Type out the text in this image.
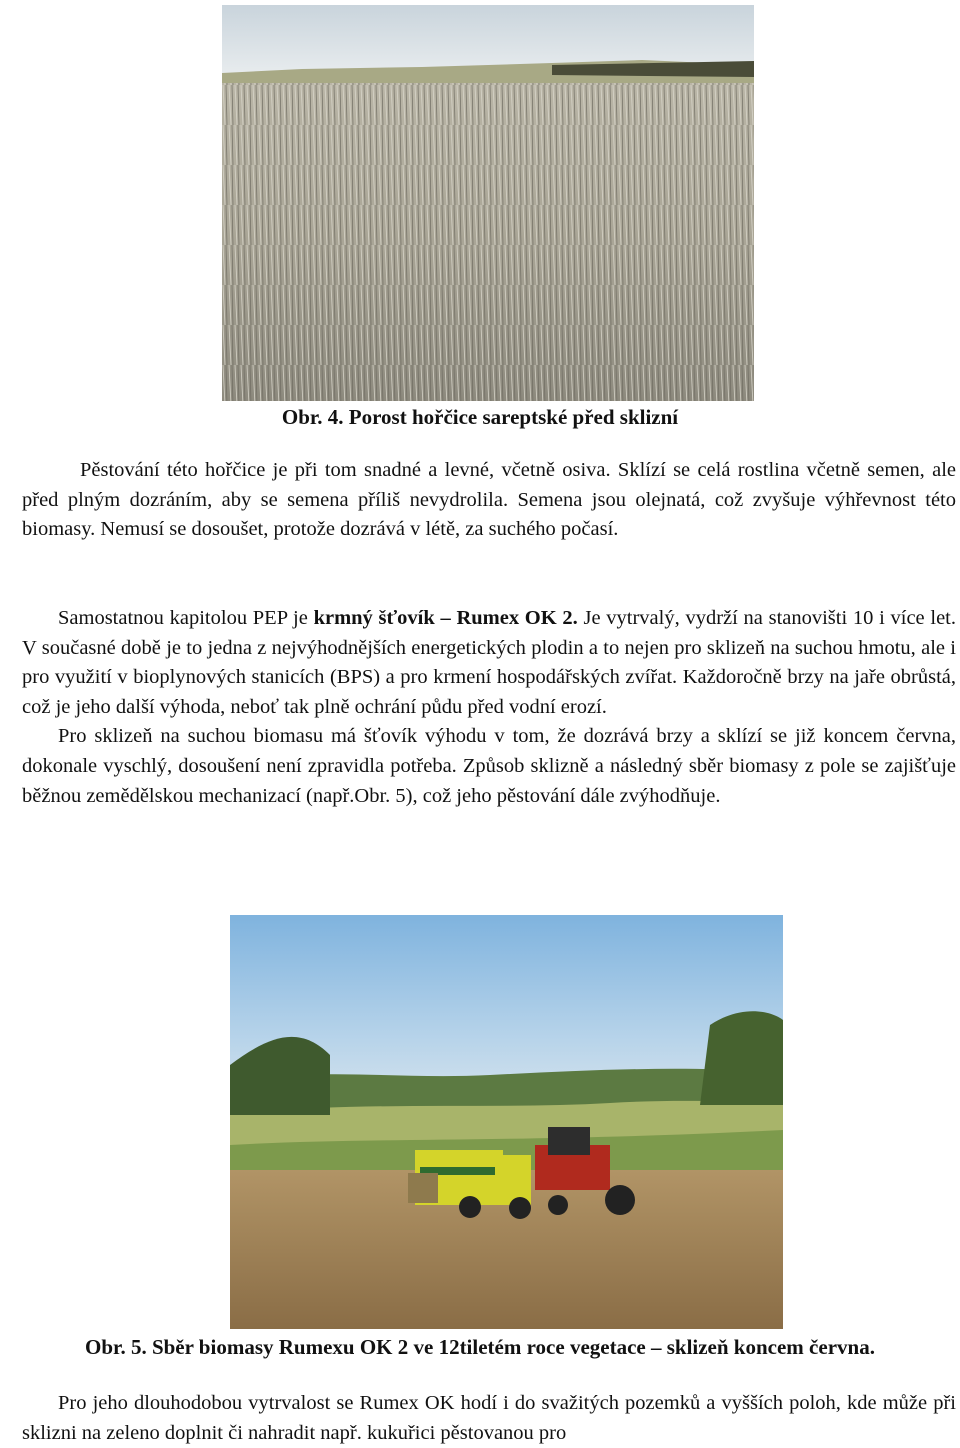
Obr. 4. Porost hořčice sareptské před sklizní

Pěstování této hořčice je při tom snadné a levné, včetně osiva. Sklízí se celá rostlina včetně semen, ale před plným dozráním, aby se semena příliš nevydrolila. Semena jsou olejnatá, což zvyšuje výhřevnost této biomasy. Nemusí se dosoušet, protože dozrává v létě, za suchého počasí.

Samostatnou kapitolou PEP je krmný šťovík – Rumex OK 2. Je vytrvalý, vydrží na stanovišti 10 i více let. V současné době je to jedna z nejvýhodnějších energetických plodin a to nejen pro sklizeň na suchou hmotu, ale i pro využití v bioplynových stanicích (BPS) a pro krmení hospodářských zvířat. Každoročně brzy na jaře obrůstá, což je jeho další výhoda, neboť tak plně ochrání půdu před vodní erozí.

Pro sklizeň na suchou biomasu má šťovík výhodu v tom, že dozrává brzy a sklízí se již koncem června, dokonale vyschlý, dosoušení není zpravidla potřeba. Způsob sklizně a následný sběr biomasy z pole se zajišťuje běžnou zemědělskou mechanizací (např.Obr. 5), což jeho pěstování dále zvýhodňuje.

Obr. 5. Sběr biomasy Rumexu OK 2 ve 12tiletém roce vegetace – sklizeň koncem června.

Pro jeho dlouhodobou vytrvalost se Rumex OK hodí i do svažitých pozemků a vyšších poloh, kde může při sklizni na zeleno doplnit či nahradit např. kukuřici pěstovanou pro
